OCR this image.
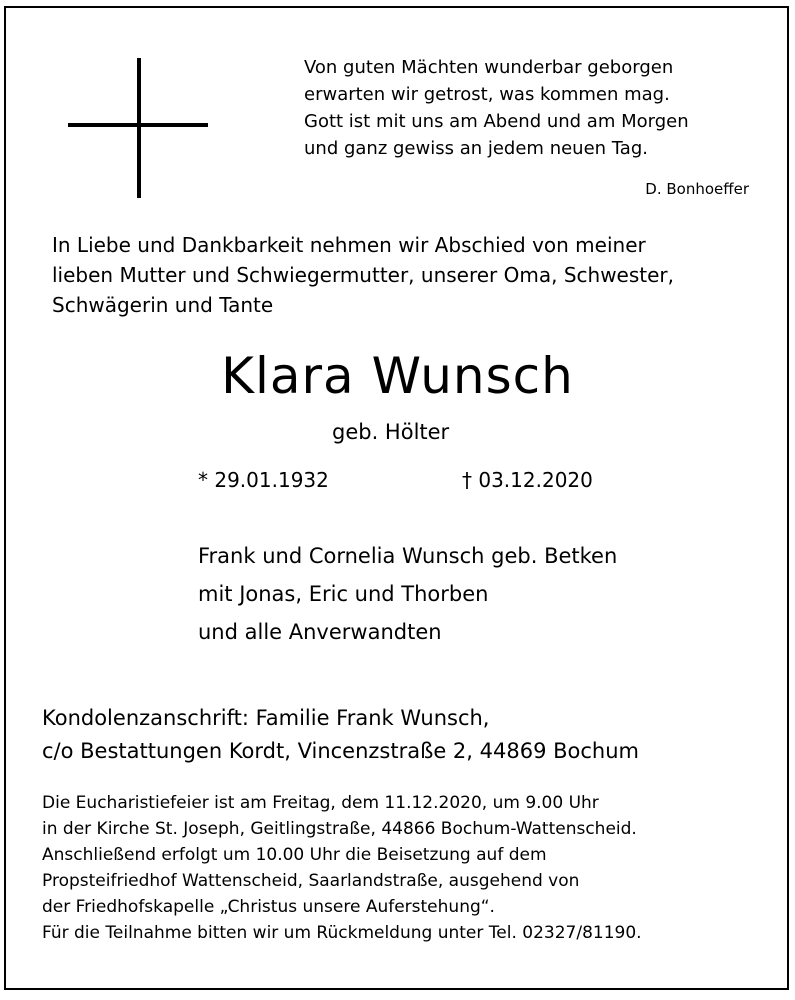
Von guten Mächten wunderbar geborgen
erwarten wir getrost, was kommen mag.
Gott ist mit uns am Abend und am Morgen
und ganz gewiss an jedem neuen Tag.
D. Bonhoeffer
In Liebe und Dankbarkeit nehmen wir Abschied von meiner
lieben Mutter und Schwiegermutter, unserer Oma, Schwester,
Schwägerin und Tante
Klara Wunsch
geb. Hölter
* 29.01.1932	† 03.12.2020
Frank und Cornelia Wunsch geb. Betken
mit Jonas, Eric und Thorben
und alle Anverwandten
Kondolenzanschrift: Familie Frank Wunsch,
c/o Bestattungen Kordt, Vincenzstraße 2, 44869 Bochum
Die Eucharistiefeier ist am Freitag, dem 11.12.2020, um 9.00 Uhr
in der Kirche St. Joseph, Geitlingstraße, 44866 Bochum-Wattenscheid.
Anschließend erfolgt um 10.00 Uhr die Beisetzung auf dem
Propsteifriedhof Wattenscheid, Saarlandstraße, ausgehend von
der Friedhofskapelle „Christus unsere Auferstehung“.
Für die Teilnahme bitten wir um Rückmeldung unter Tel. 02327/81190.
